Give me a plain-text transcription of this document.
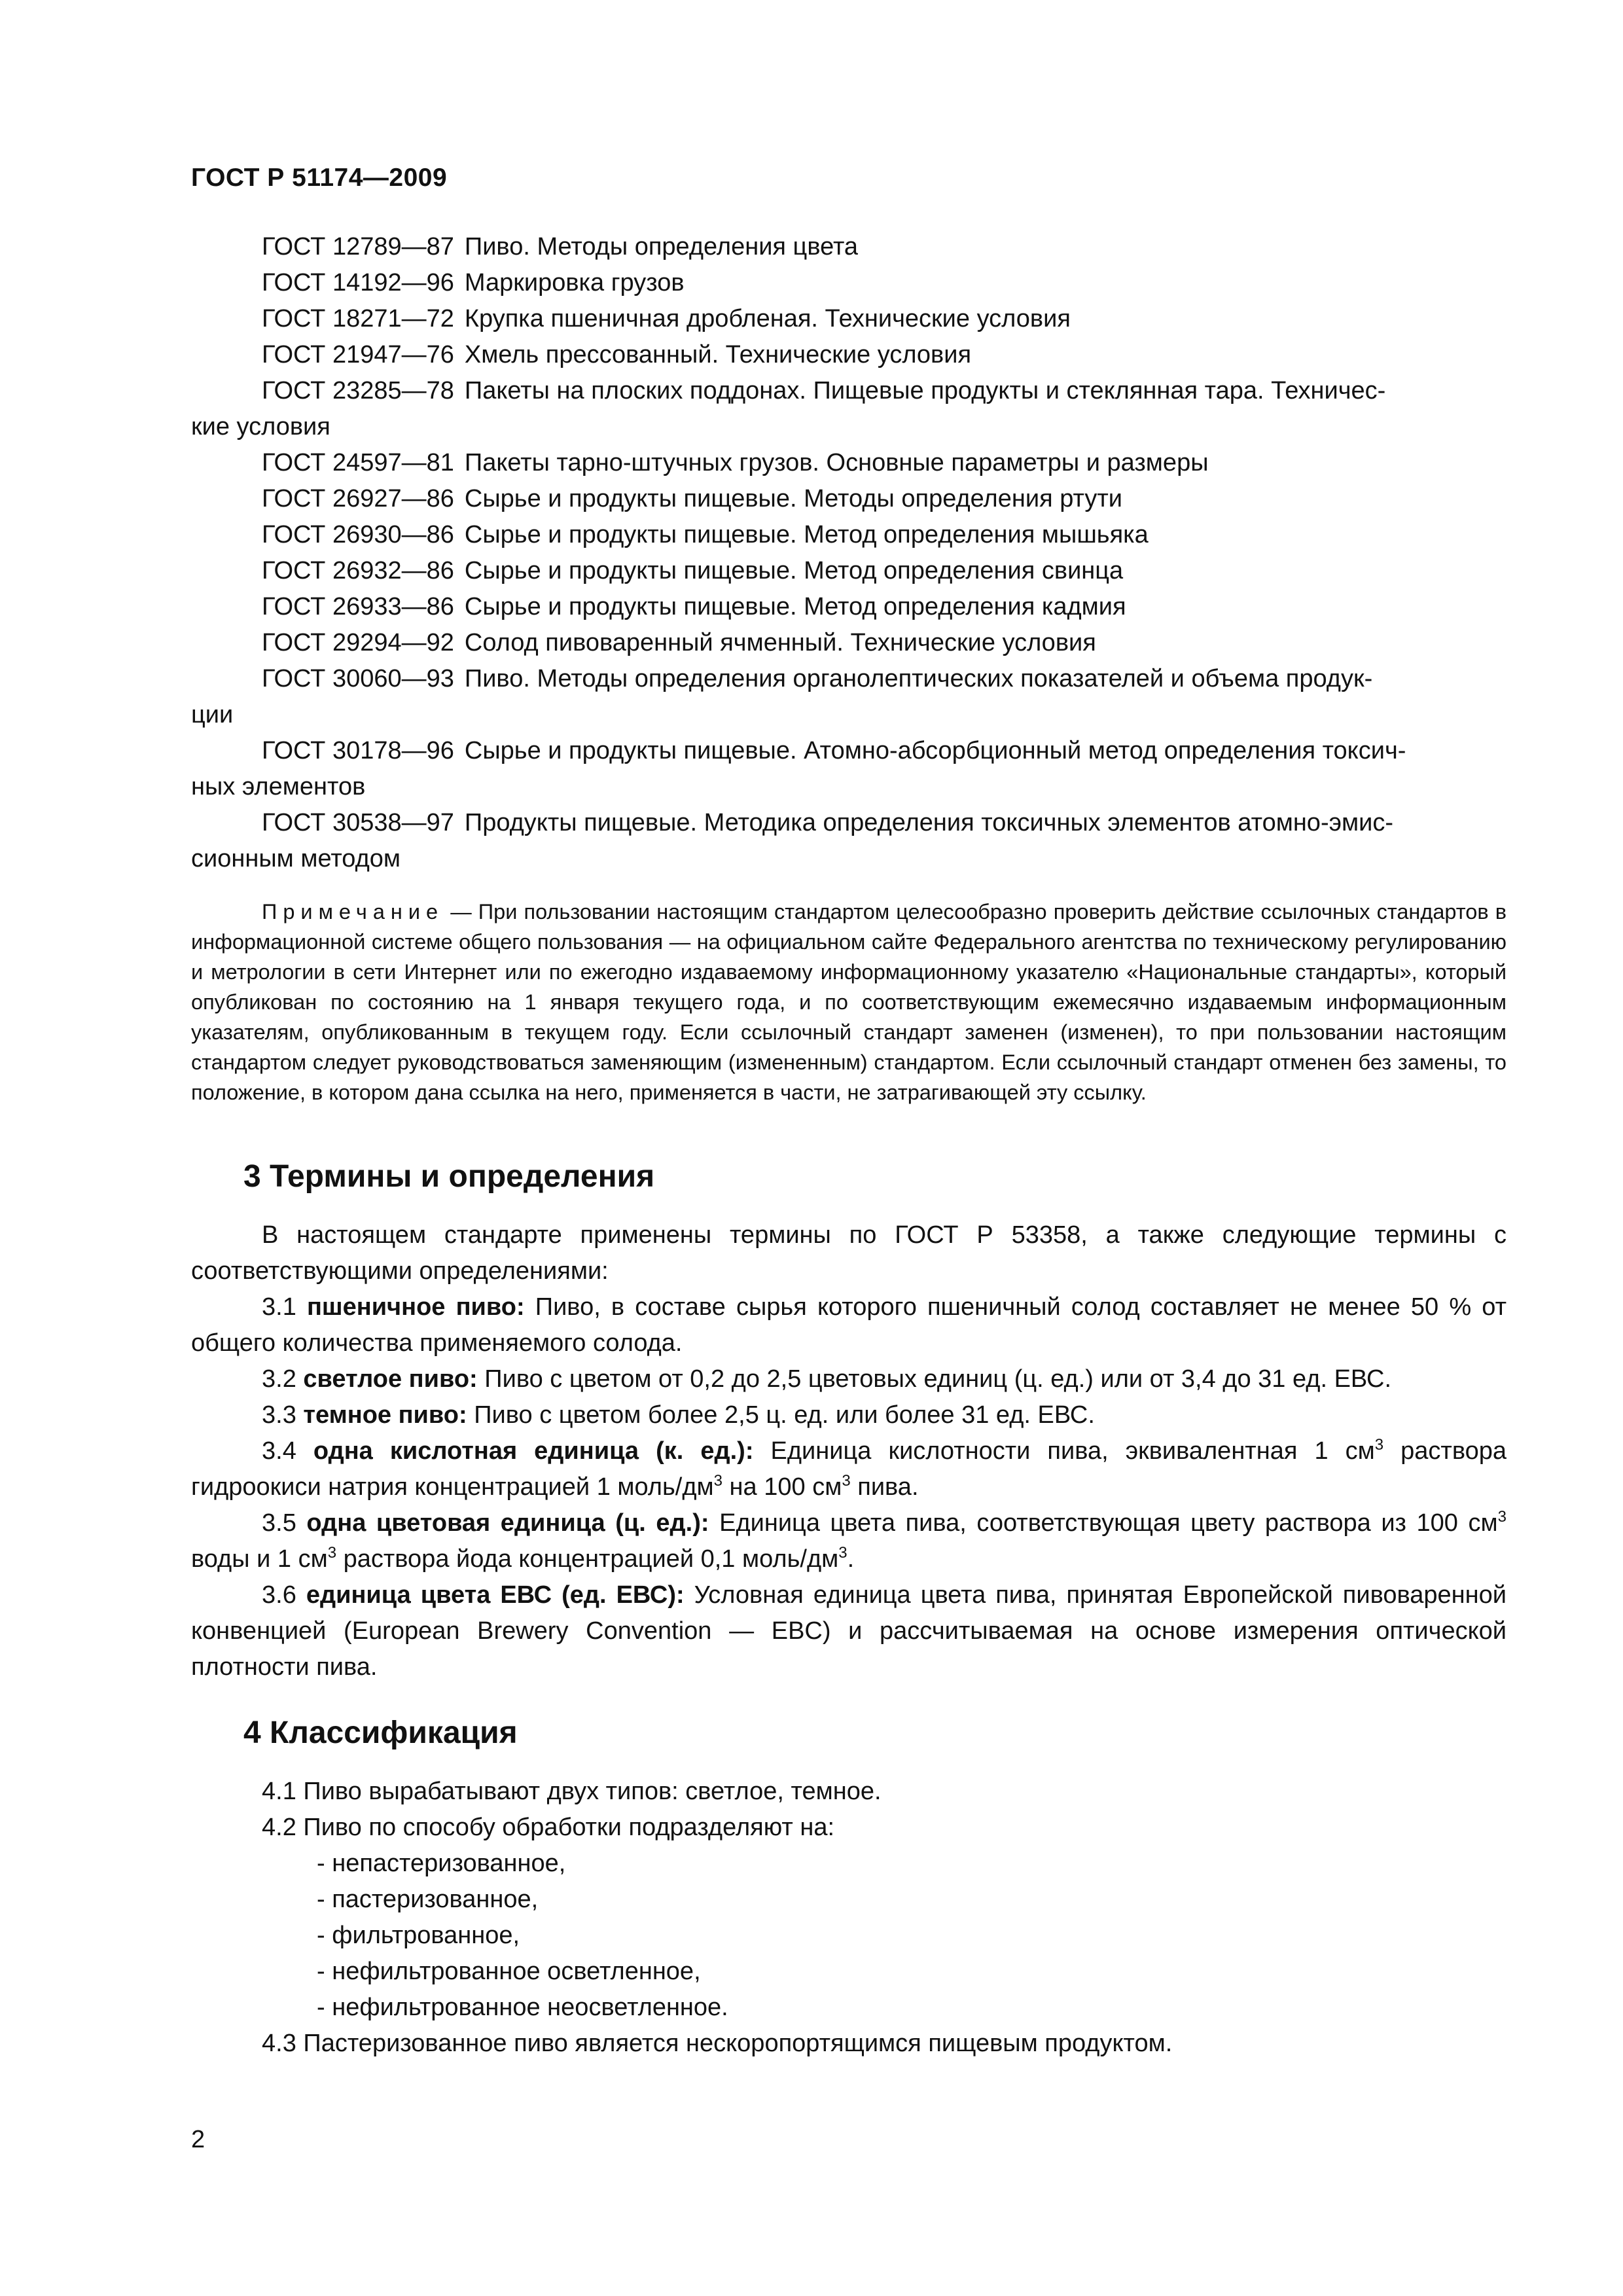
ГОСТ Р 51174—2009
ГОСТ 12789—87 Пиво. Методы определения цвета
ГОСТ 14192—96 Маркировка грузов
ГОСТ 18271—72 Крупка пшеничная дробленая. Технические условия
ГОСТ 21947—76 Хмель прессованный. Технические условия
ГОСТ 23285—78 Пакеты на плоских поддонах. Пищевые продукты и стеклянная тара. Техничес-
кие условия
ГОСТ 24597—81 Пакеты тарно-штучных грузов. Основные параметры и размеры
ГОСТ 26927—86 Сырье и продукты пищевые. Методы определения ртути
ГОСТ 26930—86 Сырье и продукты пищевые. Метод определения мышьяка
ГОСТ 26932—86 Сырье и продукты пищевые. Метод определения свинца
ГОСТ 26933—86 Сырье и продукты пищевые. Метод определения кадмия
ГОСТ 29294—92 Солод пивоваренный ячменный. Технические условия
ГОСТ 30060—93 Пиво. Методы определения органолептических показателей и объема продук-
ции
ГОСТ 30178—96 Сырье и продукты пищевые. Атомно-абсорбционный метод определения токсич-
ных элементов
ГОСТ 30538—97 Продукты пищевые. Методика определения токсичных элементов атомно-эмис-
сионным методом

Примечание — При пользовании настоящим стандартом целесообразно проверить действие ссылочных стандартов в информационной системе общего пользования — на официальном сайте Федерального агентства по техническому регулированию и метрологии в сети Интернет или по ежегодно издаваемому информационному указателю «Национальные стандарты», который опубликован по состоянию на 1 января текущего года, и по соответствующим ежемесячно издаваемым информационным указателям, опубликованным в текущем году. Если ссылочный стандарт заменен (изменен), то при пользовании настоящим стандартом следует руководствоваться заменяющим (измененным) стандартом. Если ссылочный стандарт отменен без замены, то положение, в котором дана ссылка на него, применяется в части, не затрагивающей эту ссылку.

3 Термины и определения

В настоящем стандарте применены термины по ГОСТ Р 53358, а также следующие термины с соответствующими определениями:

3.1 пшеничное пиво: Пиво, в составе сырья которого пшеничный солод составляет не менее 50 % от общего количества применяемого солода.

3.2 светлое пиво: Пиво с цветом от 0,2 до 2,5 цветовых единиц (ц. ед.) или от 3,4 до 31 ед. ЕВС.

3.3 темное пиво: Пиво с цветом более 2,5 ц. ед. или более 31 ед. ЕВС.

3.4 одна кислотная единица (к. ед.): Единица кислотности пива, эквивалентная 1 $см^3$ раствора гидроокиси натрия концентрацией 1 моль/$дм^3$ на 100 $см^3$ пива.

3.5 одна цветовая единица (ц. ед.): Единица цвета пива, соответствующая цвету раствора из 100 $см^3$ воды и 1 $см^3$ раствора йода концентрацией 0,1 моль/$дм^3$.

3.6 единица цвета ЕВС (ед. ЕВС): Условная единица цвета пива, принятая Европейской пивоваренной конвенцией (European Brewery Convention — EBC) и рассчитываемая на основе измерения оптической плотности пива.

4 Классификация

4.1 Пиво вырабатывают двух типов: светлое, темное.

4.2 Пиво по способу обработки подразделяют на:

- непастеризованное,
- пастеризованное,
- фильтрованное,
- нефильтрованное осветленное,
- нефильтрованное неосветленное.

4.3 Пастеризованное пиво является нескоропортящимся пищевым продуктом.

2
